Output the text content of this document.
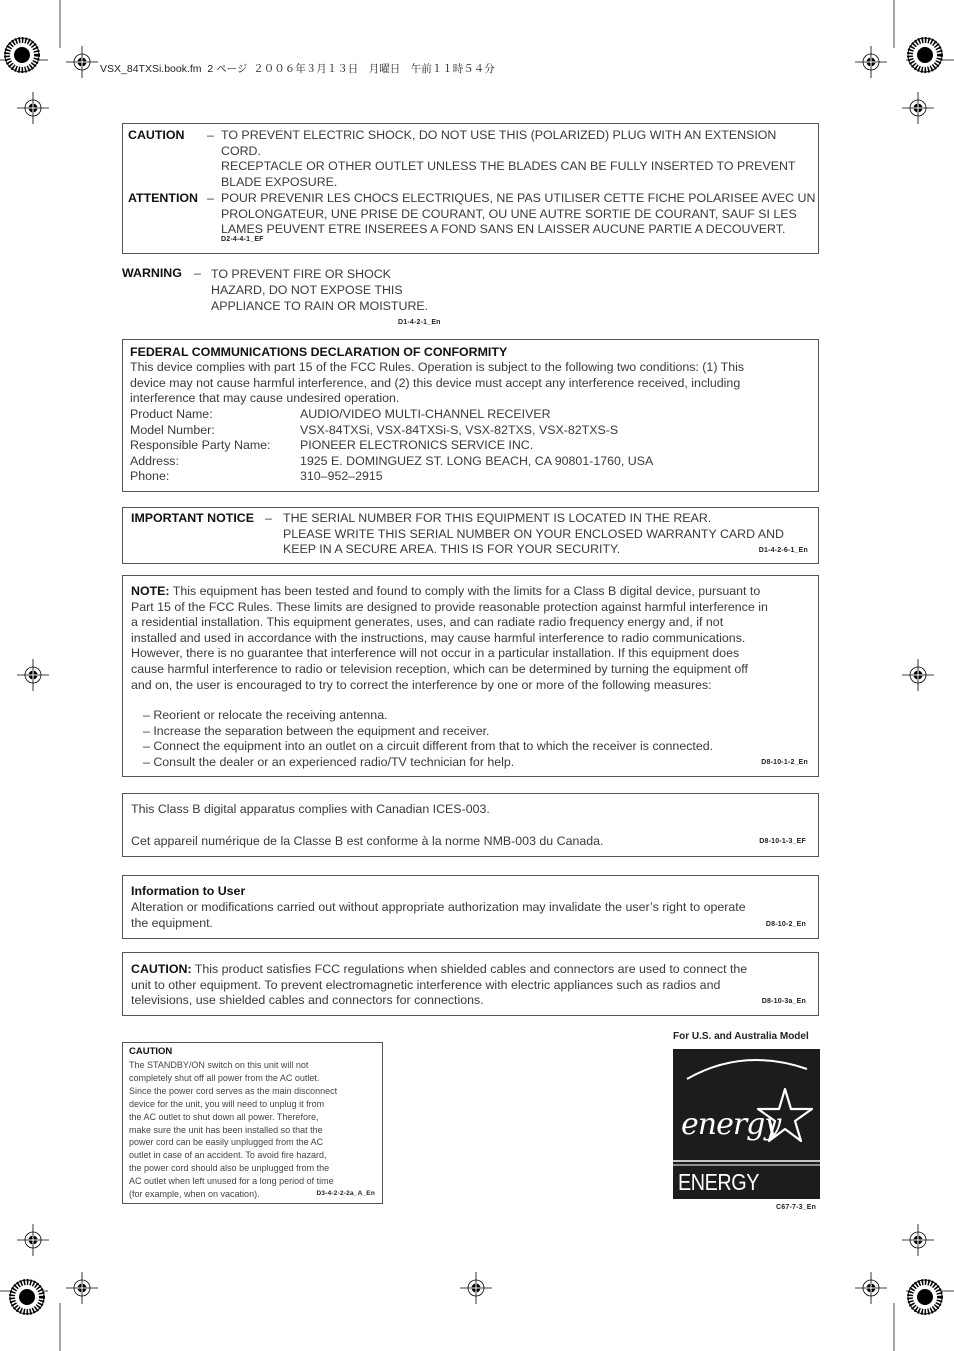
VSX_84TXSi.book.fm  2 ページ  ２００６年３月１３日　月曜日　午前１１時５４分
CAUTION – TO PREVENT ELECTRIC SHOCK, DO NOT USE THIS (POLARIZED) PLUG WITH AN EXTENSION
CORD.
RECEPTACLE OR OTHER OUTLET UNLESS THE BLADES CAN BE FULLY INSERTED TO PREVENT
BLADE EXPOSURE.
ATTENTION – POUR PREVENIR LES CHOCS ELECTRIQUES, NE PAS UTILISER CETTE FICHE POLARISEE AVEC UN
PROLONGATEUR, UNE PRISE DE COURANT, OU UNE AUTRE SORTIE DE COURANT, SAUF SI LES
LAMES PEUVENT ETRE INSEREES A FOND SANS EN LAISSER AUCUNE PARTIE A DECOUVERT.
D2-4-4-1_EF
WARNING – TO PREVENT FIRE OR SHOCK
HAZARD, DO NOT EXPOSE THIS
APPLIANCE TO RAIN OR MOISTURE.
D1-4-2-1_En
FEDERAL COMMUNICATIONS DECLARATION OF CONFORMITY
This device complies with part 15 of the FCC Rules. Operation is subject to the following two conditions: (1) This
device may not cause harmful interference, and (2) this device must accept any interference received, including
interference that may cause undesired operation.
Product Name:	AUDIO/VIDEO MULTI-CHANNEL RECEIVER
Model Number:	VSX-84TXSi, VSX-84TXSi-S, VSX-82TXS, VSX-82TXS-S
Responsible Party Name: PIONEER ELECTRONICS SERVICE INC.
Address:	1925 E. DOMINGUEZ ST. LONG BEACH, CA 90801-1760, USA
Phone:	310–952–2915
IMPORTANT NOTICE – THE SERIAL NUMBER FOR THIS EQUIPMENT IS LOCATED IN THE REAR.
PLEASE WRITE THIS SERIAL NUMBER ON YOUR ENCLOSED WARRANTY CARD AND
KEEP IN A SECURE AREA. THIS IS FOR YOUR SECURITY.	D1-4-2-6-1_En
NOTE: This equipment has been tested and found to comply with the limits for a Class B digital device, pursuant to
Part 15 of the FCC Rules. These limits are designed to provide reasonable protection against harmful interference in
a residential installation. This equipment generates, uses, and can radiate radio frequency energy and, if not
installed and used in accordance with the instructions, may cause harmful interference to radio communications.
However, there is no guarantee that interference will not occur in a particular installation. If this equipment does
cause harmful interference to radio or television reception, which can be determined by turning the equipment off
and on, the user is encouraged to try to correct the interference by one or more of the following measures:
– Reorient or relocate the receiving antenna.
– Increase the separation between the equipment and receiver.
– Connect the equipment into an outlet on a circuit different from that to which the receiver is connected.
– Consult the dealer or an experienced radio/TV technician for help.	D8-10-1-2_En
This Class B digital apparatus complies with Canadian ICES-003.
Cet appareil numérique de la Classe B est conforme à la norme NMB-003 du Canada.	D8-10-1-3_EF
Information to User
Alteration or modifications carried out without appropriate authorization may invalidate the user’s right to operate
the equipment.	D8-10-2_En
CAUTION: This product satisfies FCC regulations when shielded cables and connectors are used to connect the
unit to other equipment. To prevent electromagnetic interference with electric appliances such as radios and
televisions, use shielded cables and connectors for connections.	D8-10-3a_En
CAUTION
The STANDBY/ON switch on this unit will not
completely shut off all power from the AC outlet.
Since the power cord serves as the main disconnect
device for the unit, you will need to unplug it from
the AC outlet to shut down all power. Therefore,
make sure the unit has been installed so that the
power cord can be easily unplugged from the AC
outlet in case of an accident. To avoid fire hazard,
the power cord should also be unplugged from the
AC outlet when left unused for a long period of time
(for example, when on vacation).	D3-4-2-2-2a_A_En
For U.S. and Australia Model
energy
ENERGY STAR	C67-7-3_En
